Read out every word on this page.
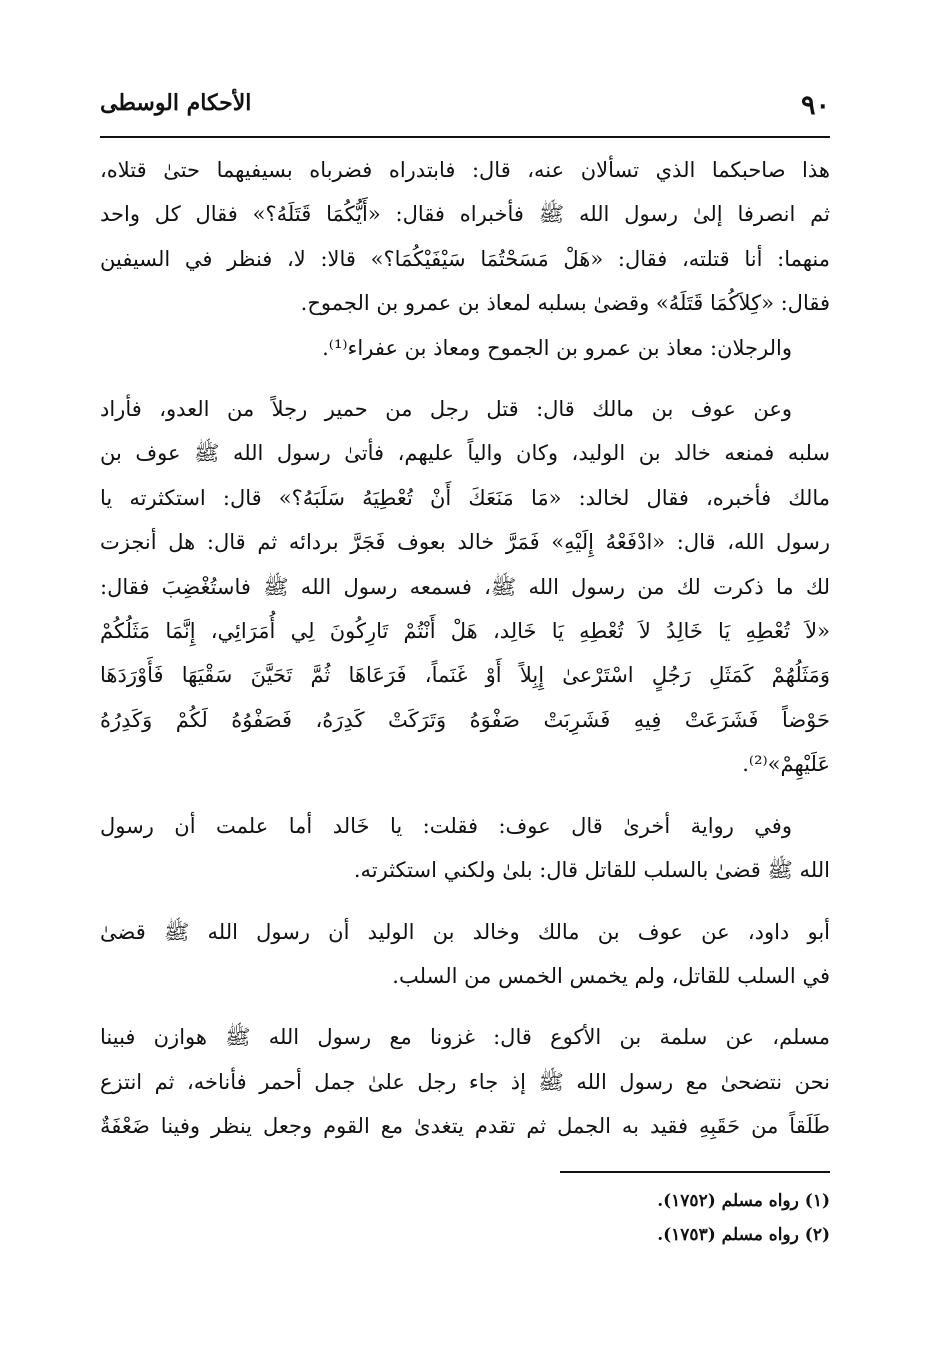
٩٠
الأحكام الوسطى
هذا صاحبكما الذي تسألان عنه، قال: فابتدراه فضرباه بسيفيهما حتىٰ قتلاه،
ثم انصرفا إلىٰ رسول الله ﷺ فأخبراه فقال: «أَيُّكُمَا قَتَلَهُ؟» فقال كل واحد
منهما: أنا قتلته، فقال: «هَلْ مَسَحْتُمَا سَيْفَيْكُمَا؟» قالا: لا، فنظر في السيفين
فقال: «كِلاَكُمَا قَتَلَهُ» وقضىٰ بسلبه لمعاذ بن عمرو بن الجموح.
والرجلان: معاذ بن عمرو بن الجموح ومعاذ بن عفراء⁽¹⁾.
وعن عوف بن مالك قال: قتل رجل من حمير رجلاً من العدو، فأراد
سلبه فمنعه خالد بن الوليد، وكان والياً عليهم، فأتىٰ رسول الله ﷺ عوف بن
مالك فأخبره، فقال لخالد: «مَا مَنَعَكَ أَنْ تُعْطِيَهُ سَلَبَهُ؟» قال: استكثرته يا
رسول الله، قال: «ادْفَعْهُ إِلَيْهِ» فَمَرَّ خالد بعوف فَجَرَّ بردائه ثم قال: هل أنجزت
لك ما ذكرت لك من رسول الله ﷺ، فسمعه رسول الله ﷺ فاستُغْضِبَ فقال:
«لاَ تُعْطِهِ يَا خَالِدُ لاَ تُعْطِهِ يَا خَالِد، هَلْ أَنْتُمْ تَارِكُونَ لِي أُمَرَائِي، إِنَّمَا مَثَلُكُمْ
وَمَثَلُهُمْ كَمَثَلِ رَجُلٍ اسْتَرْعىٰ إِبِلاً أَوْ غَنَماً، فَرَعَاهَا ثُمَّ تَحَيَّنَ سَقْيَهَا فَأَوْرَدَهَا
حَوْضاً فَشَرَعَتْ فِيهِ فَشَرِبَتْ صَفْوَهُ وَتَرَكَتْ كَدِرَهُ، فَصَفْوُهُ لَكُمْ وَكَدِرُهُ
عَلَيْهِمْ»⁽²⁾.
وفي رواية أخرىٰ قال عوف: فقلت: يا خَالد أما علمت أن رسول
الله ﷺ قضىٰ بالسلب للقاتل قال: بلىٰ ولكني استكثرته.
أبو داود، عن عوف بن مالك وخالد بن الوليد أن رسول الله ﷺ قضىٰ
في السلب للقاتل، ولم يخمس الخمس من السلب.
مسلم، عن سلمة بن الأكوع قال: غزونا مع رسول الله ﷺ هوازن فبينا
نحن نتضحىٰ مع رسول الله ﷺ إذ جاء رجل علىٰ جمل أحمر فأناخه، ثم انتزع
طَلَقاً من حَقَبِهِ فقيد به الجمل ثم تقدم يتغدىٰ مع القوم وجعل ينظر وفينا ضَعْفَةٌ
(١) رواه مسلم (١٧٥٢).
(٢) رواه مسلم (١٧٥٣).
